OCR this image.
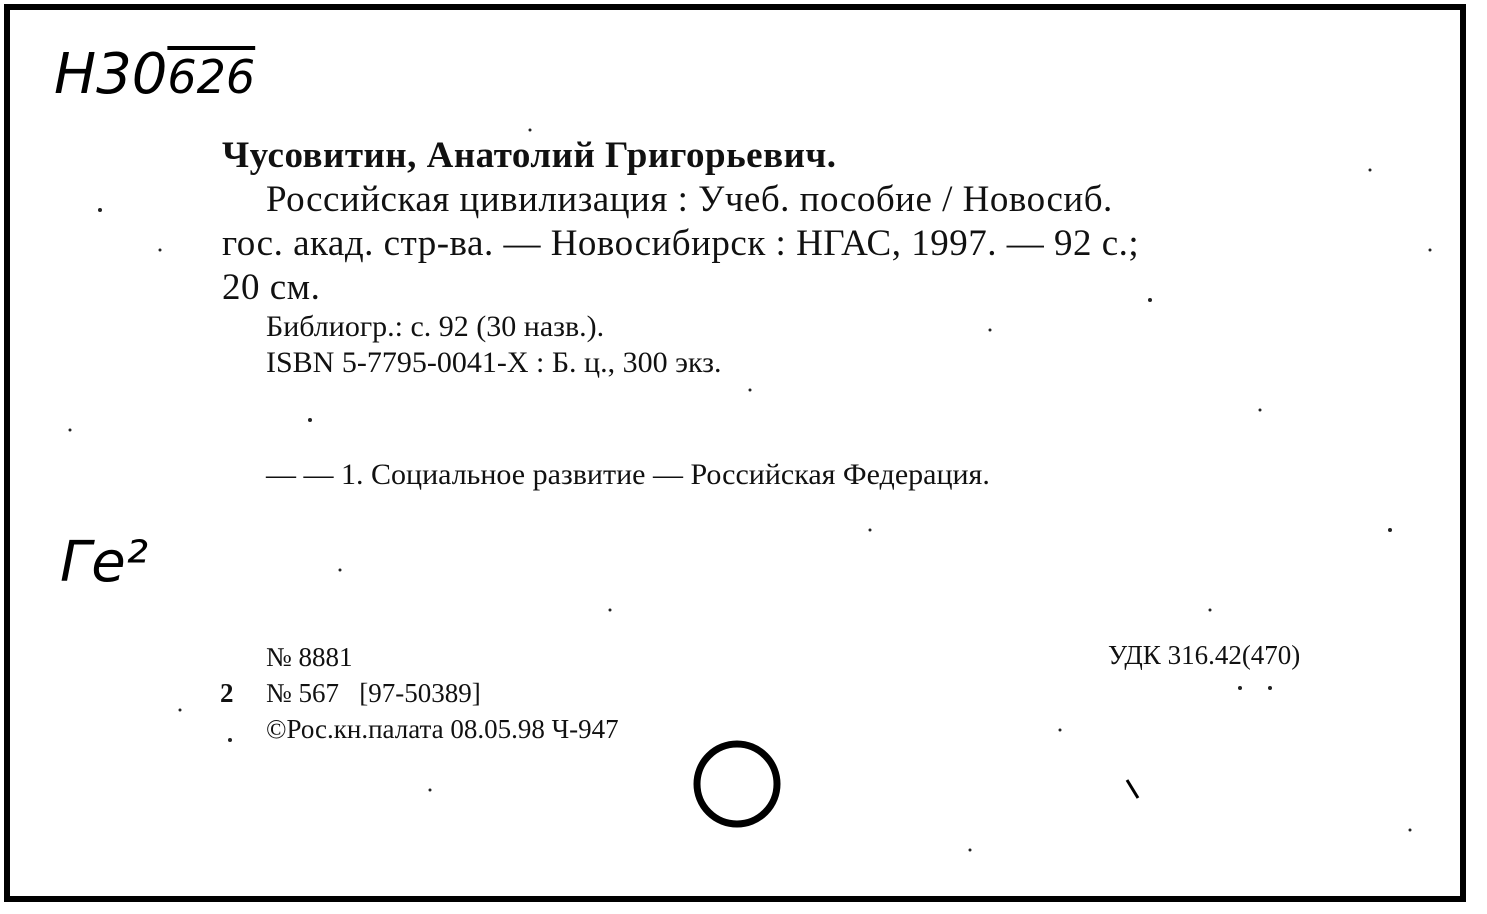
Н30626
Чусовитин, Анатолий Григорьевич.
Российская цивилизация : Учеб. пособие / Новосиб.
гос. акад. стр-ва. — Новосибирск : НГАС, 1997. — 92 с.;
20 см.
Библиогр.: с. 92 (30 назв.).
ISBN 5-7795-0041-X : Б. ц., 300 экз.
— — 1. Социальное развитие — Российская Федерация.
Ге²
№ 8881	УДК 316.42(470)
2 № 567   [97-50389]
©Рос.кн.палата 08.05.98 Ч-947
